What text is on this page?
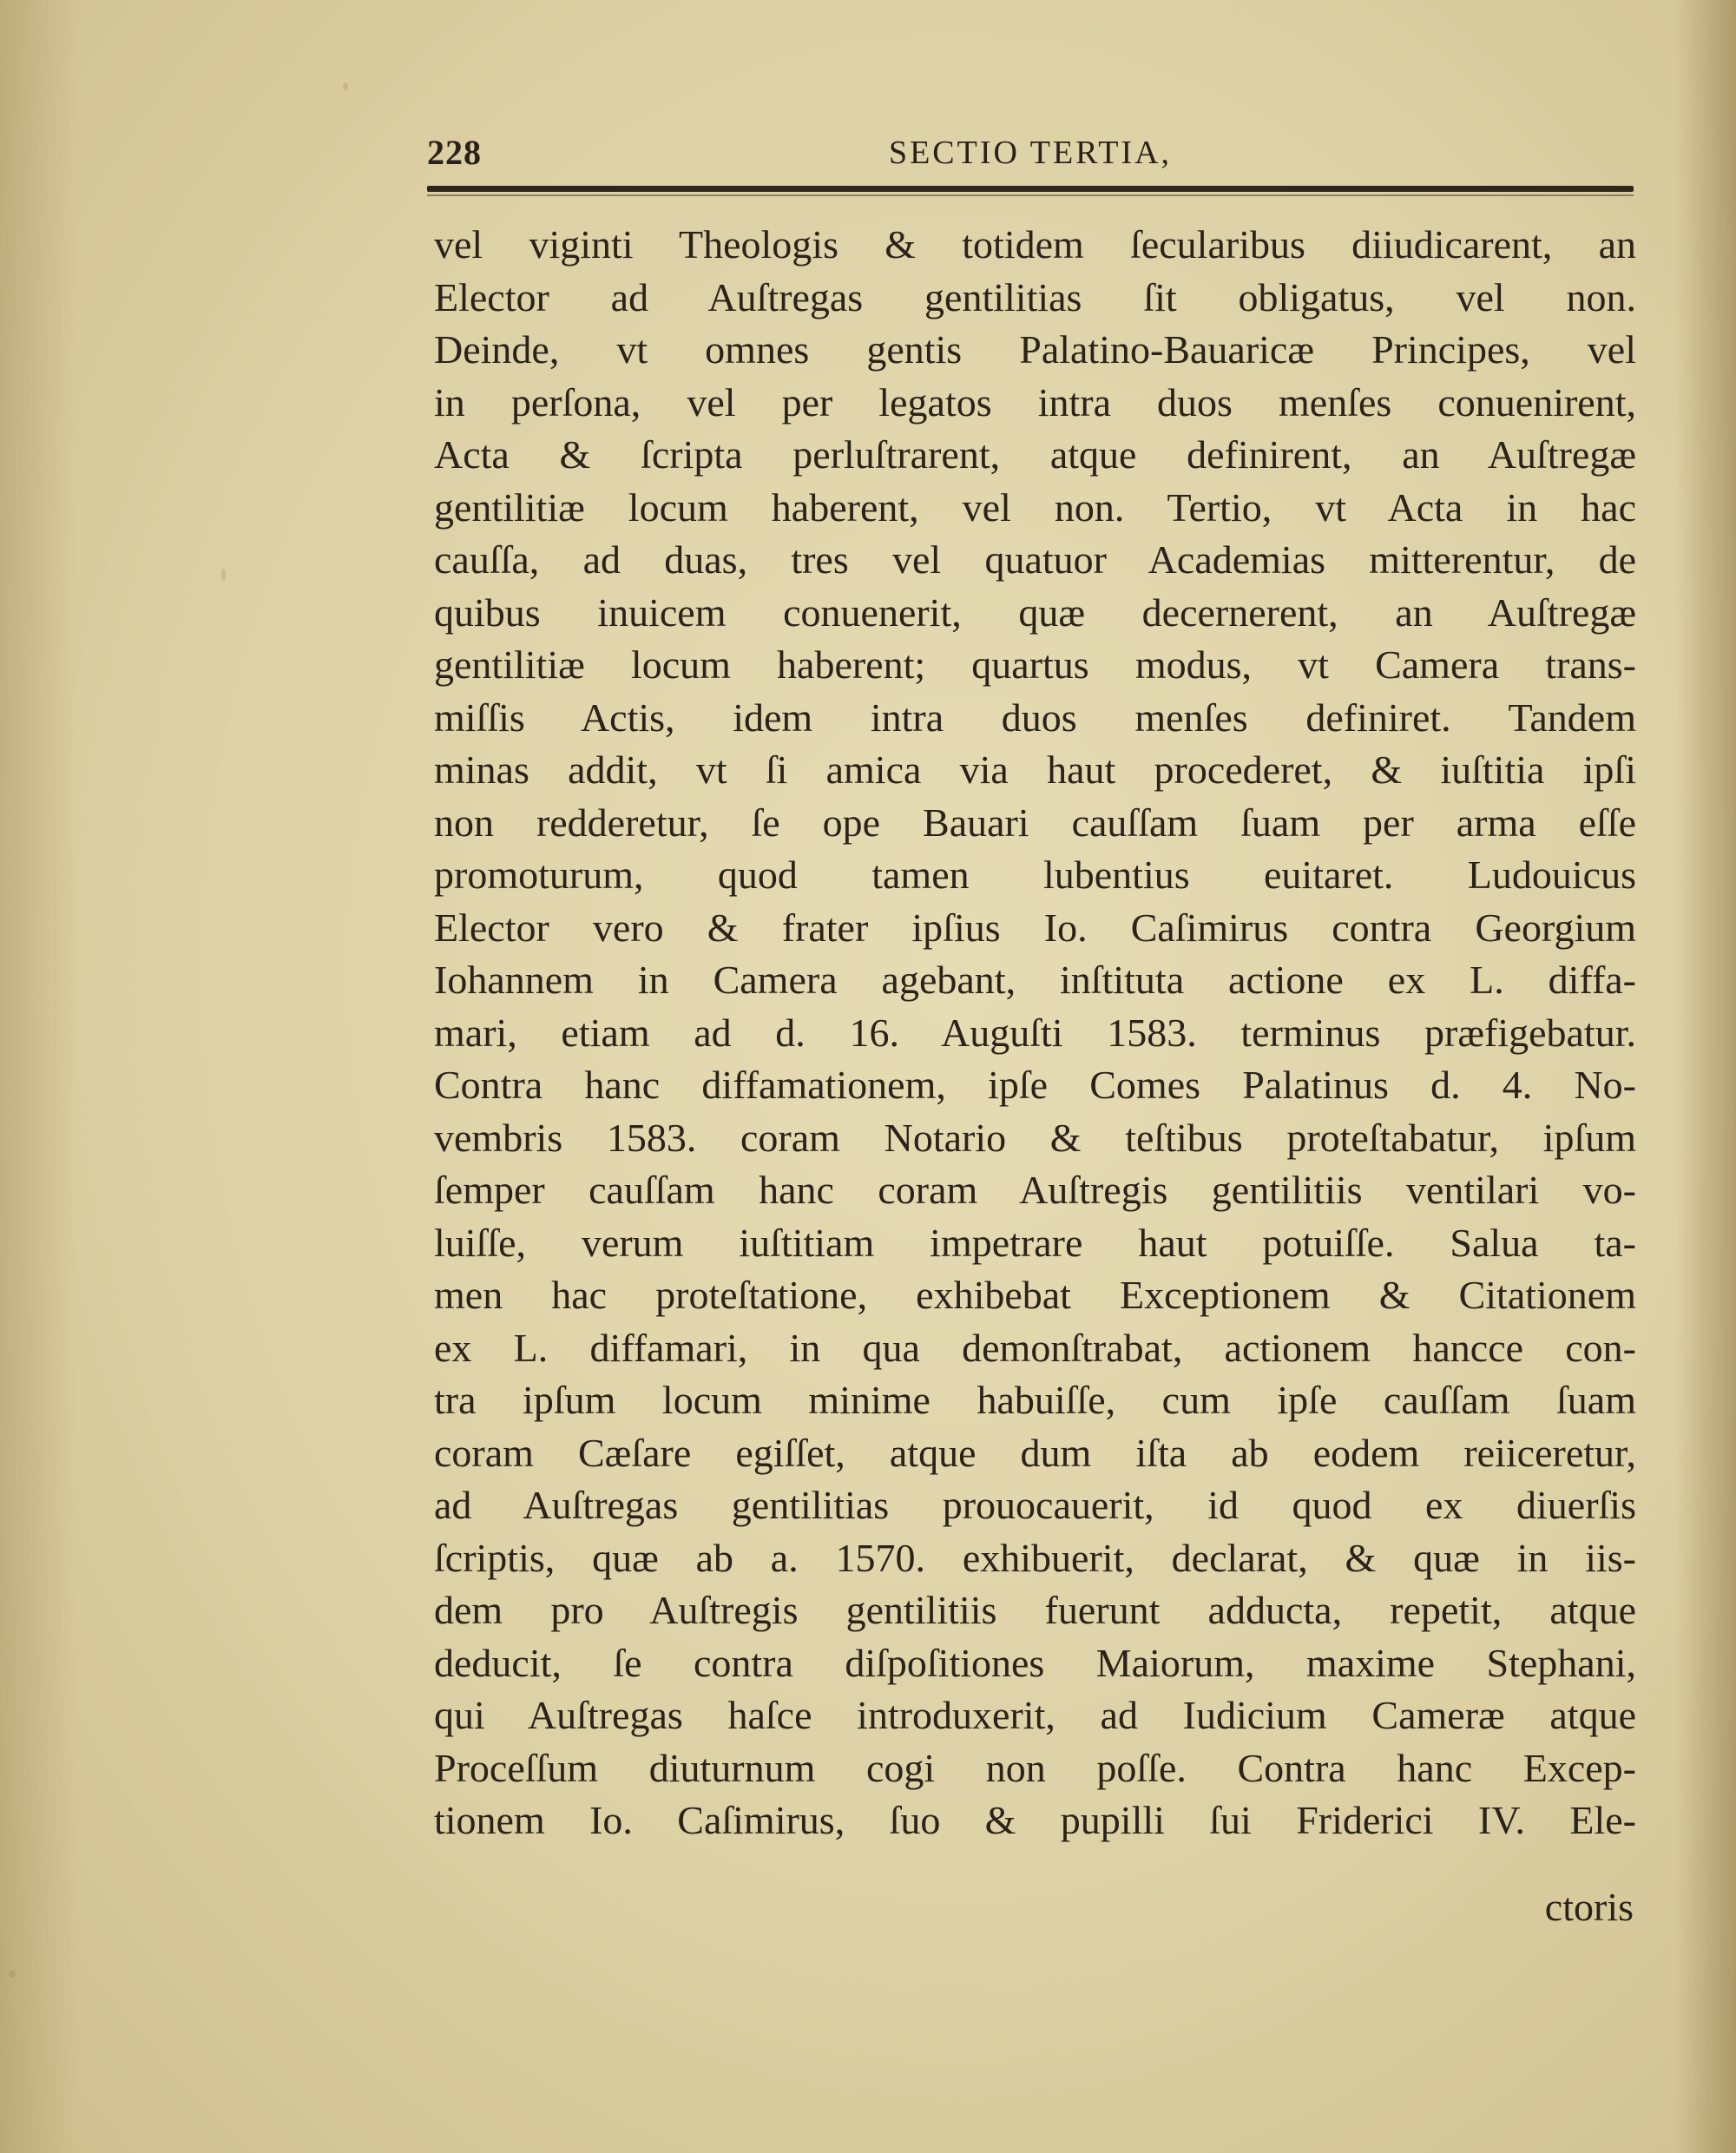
228	SECTIO TERTIA,
vel viginti Theologis & totidem ſecularibus diiudicarent, an
Elector ad Auſtregas gentilitias ſit obligatus, vel non.
Deinde, vt omnes gentis Palatino-Bauaricæ Principes, vel
in perſona, vel per legatos intra duos menſes conuenirent,
Acta & ſcripta perluſtrarent, atque definirent, an Auſtregæ
gentilitiæ locum haberent, vel non. Tertio, vt Acta in hac
cauſſa, ad duas, tres vel quatuor Academias mitterentur, de
quibus inuicem conuenerit, quæ decernerent, an Auſtregæ
gentilitiæ locum haberent; quartus modus, vt Camera trans-
miſſis Actis, idem intra duos menſes definiret. Tandem
minas addit, vt ſi amica via haut procederet, & iuſtitia ipſi
non redderetur, ſe ope Bauari cauſſam ſuam per arma eſſe
promoturum, quod tamen lubentius euitaret. Ludouicus
Elector vero & frater ipſius Io. Caſimirus contra Georgium
Iohannem in Camera agebant, inſtituta actione ex L. diffa-
mari, etiam ad d. 16. Auguſti 1583. terminus præfigebatur.
Contra hanc diffamationem, ipſe Comes Palatinus d. 4. No-
vembris 1583. coram Notario & teſtibus proteſtabatur, ipſum
ſemper cauſſam hanc coram Auſtregis gentilitiis ventilari vo-
luiſſe, verum iuſtitiam impetrare haut potuiſſe. Salua ta-
men hac proteſtatione, exhibebat Exceptionem & Citationem
ex L. diffamari, in qua demonſtrabat, actionem hancce con-
tra ipſum locum minime habuiſſe, cum ipſe cauſſam ſuam
coram Cæſare egiſſet, atque dum iſta ab eodem reiiceretur,
ad Auſtregas gentilitias prouocauerit, id quod ex diuerſis
ſcriptis, quæ ab a. 1570. exhibuerit, declarat, & quæ in iis-
dem pro Auſtregis gentilitiis fuerunt adducta, repetit, atque
deducit, ſe contra diſpoſitiones Maiorum, maxime Stephani,
qui Auſtregas haſce introduxerit, ad Iudicium Cameræ atque
Proceſſum diuturnum cogi non poſſe. Contra hanc Excep-
tionem Io. Caſimirus, ſuo & pupilli ſui Friderici IV. Ele-
ctoris
